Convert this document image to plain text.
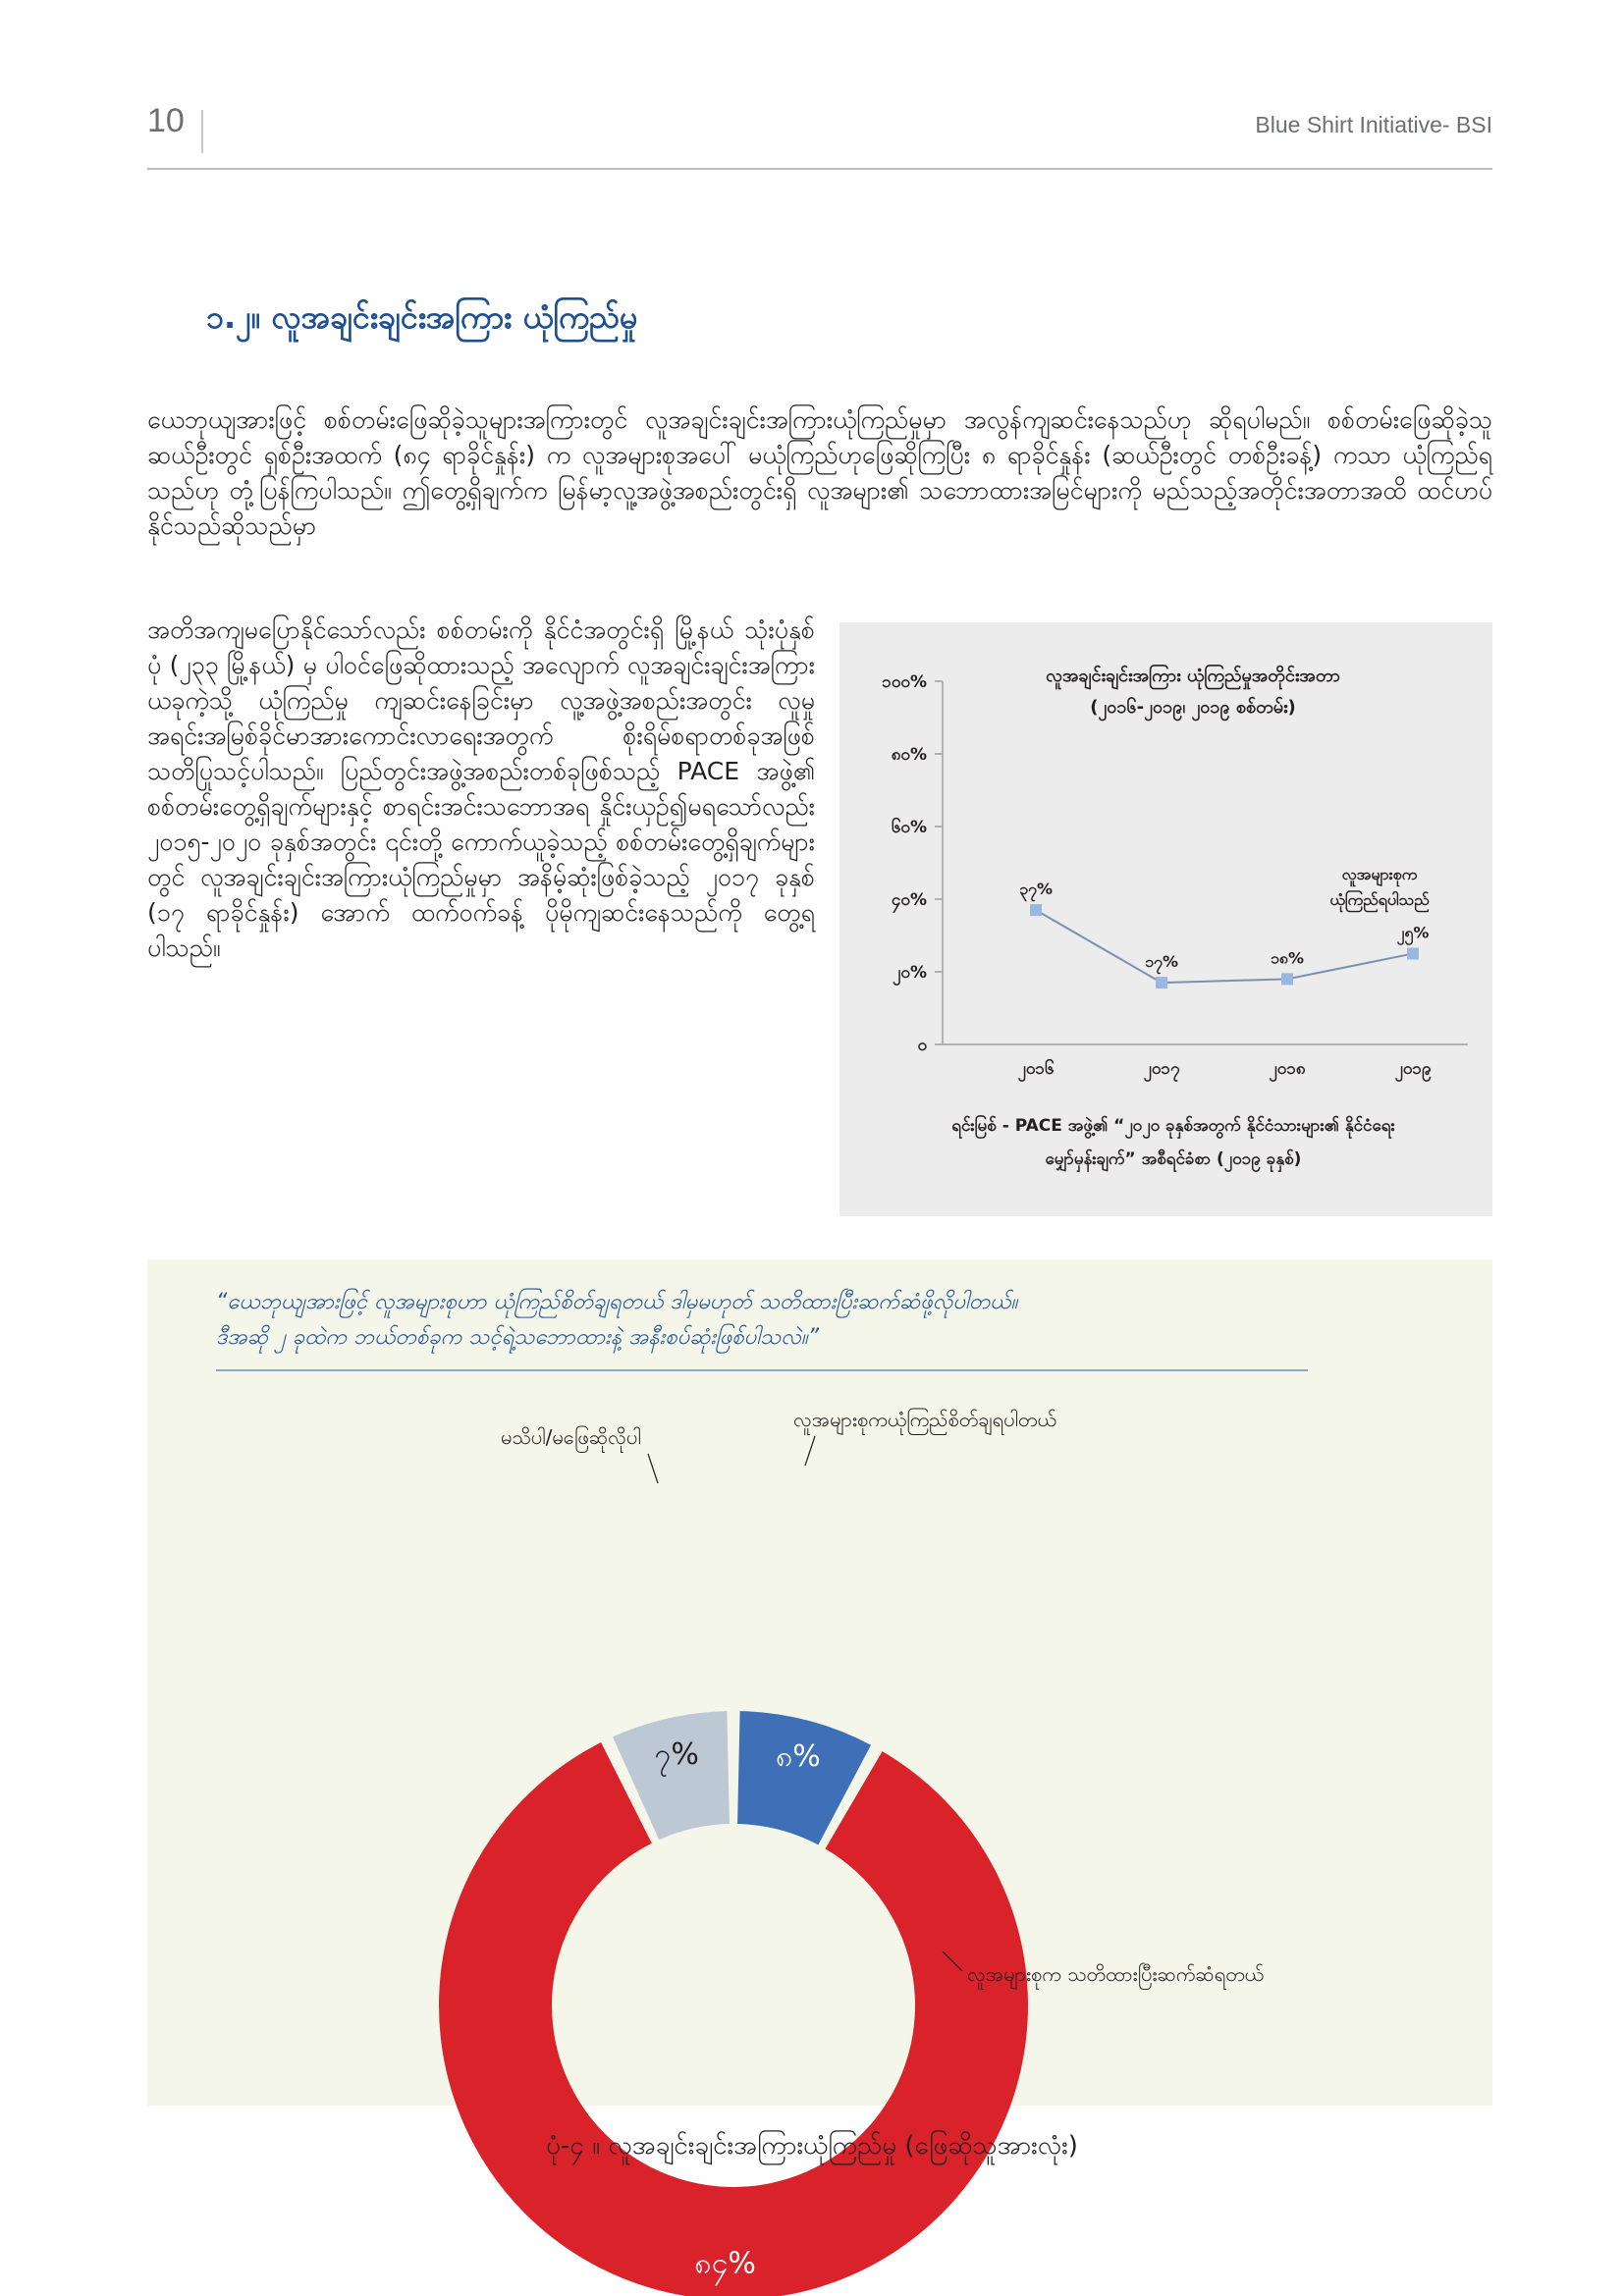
10	Blue Shirt Initiative- BSI
၁.၂။ လူအချင်းချင်းအကြား ယုံကြည်မှု
ယေဘုယျအားဖြင့် စစ်တမ်းဖြေဆိုခဲ့သူများအကြားတွင် လူအချင်းချင်းအကြားယုံကြည်မှုမှာ အလွန်ကျဆင်းနေသည်ဟု ဆိုရပါမည်။ စစ်တမ်းဖြေဆိုခဲ့သူ ဆယ်ဦးတွင် ရှစ်ဦးအထက် (၈၄ ရာခိုင်နှုန်း) က လူအများစုအပေါ် မယုံကြည်ဟုဖြေဆိုကြပြီး ၈ ရာခိုင်နှုန်း (ဆယ်ဦးတွင် တစ်ဦးခန့်) ကသာ ယုံကြည်ရသည်ဟု တုံ့ပြန်ကြပါသည်။ ဤတွေ့ရှိချက်က မြန်မာ့လူ့အဖွဲ့အစည်းတွင်းရှိ လူအများ၏ သဘောထားအမြင်များကို မည်သည့်အတိုင်းအတာအထိ ထင်ဟပ်နိုင်သည်ဆိုသည်မှာ
အတိအကျမပြောနိုင်သော်လည်း စစ်တမ်းကို နိုင်ငံအတွင်းရှိ မြို့နယ် သုံးပုံနှစ်ပုံ (၂၃၃ မြို့နယ်) မှ ပါဝင်ဖြေဆိုထားသည့် အလျောက် လူအချင်းချင်းအကြားယခုကဲ့သို့ ယုံကြည်မှု ကျဆင်းနေခြင်းမှာ လူ့အဖွဲ့အစည်းအတွင်း လူမှုအရင်းအမြစ်ခိုင်မာအားကောင်းလာရေးအတွက် စိုးရိမ်စရာတစ်ခုအဖြစ် သတိပြုသင့်ပါသည်။ ပြည်တွင်းအဖွဲ့အစည်းတစ်ခုဖြစ်သည့် PACE အဖွဲ့၏ စစ်တမ်းတွေ့ရှိချက်များနှင့် စာရင်းအင်းသဘောအရ နှိုင်းယှဉ်၍မရသော်လည်း ၂၀၁၅-၂၀၂၀ ခုနှစ်အတွင်း ၎င်းတို့ ကောက်ယူခဲ့သည့် စစ်တမ်းတွေ့ရှိချက်များတွင် လူအချင်းချင်းအကြားယုံကြည်မှုမှာ အနိမ့်ဆုံးဖြစ်ခဲ့သည့် ၂၀၁၇ ခုနှစ် (၁၇ ရာခိုင်နှုန်း) အောက် ထက်ဝက်ခန့် ပိုမိုကျဆင်းနေသည်ကို တွေ့ရပါသည်။
လူအချင်းချင်းအကြား ယုံကြည်မှုအတိုင်းအတာ
(၂၀၁၆-၂၀၁၉၊ ၂၀၁၉ စစ်တမ်း)
၀
၂၀%
၄၀%
၆၀%
၈၀%
၁၀၀%
၂၀၁၆	၂၀၁၇	၂၀၁၈	၂၀၁၉
၃၇%
၁၇%	၁၈%
၂၅%
လူအများစုက
ယုံကြည်ရပါသည်
ရင်းမြစ် - PACE အဖွဲ့၏ “၂၀၂၀ ခုနှစ်အတွက် နိုင်ငံသားများ၏ နိုင်ငံရေး
မျှော်မှန်းချက်” အစီရင်ခံစာ (၂၀၁၉ ခုနှစ်)
“ယေဘုယျအားဖြင့် လူအများစုဟာ ယုံကြည်စိတ်ချရတယ် ဒါမှမဟုတ် သတိထားပြီးဆက်ဆံဖို့လိုပါတယ်။
ဒီအဆို ၂ ခုထဲက ဘယ်တစ်ခုက သင့်ရဲ့သဘောထားနဲ့ အနီးစပ်ဆုံးဖြစ်ပါသလဲ။”
၈%
၈၄%
၇%
လူအများစုကယုံကြည်စိတ်ချရပါတယ်
မသိပါ/မဖြေဆိုလိုပါ
လူအများစုက သတိထားပြီးဆက်ဆံရတယ်
ပုံ-၄ ။ လူအချင်းချင်းအကြားယုံကြည်မှု (ဖြေဆိုသူအားလုံး)
